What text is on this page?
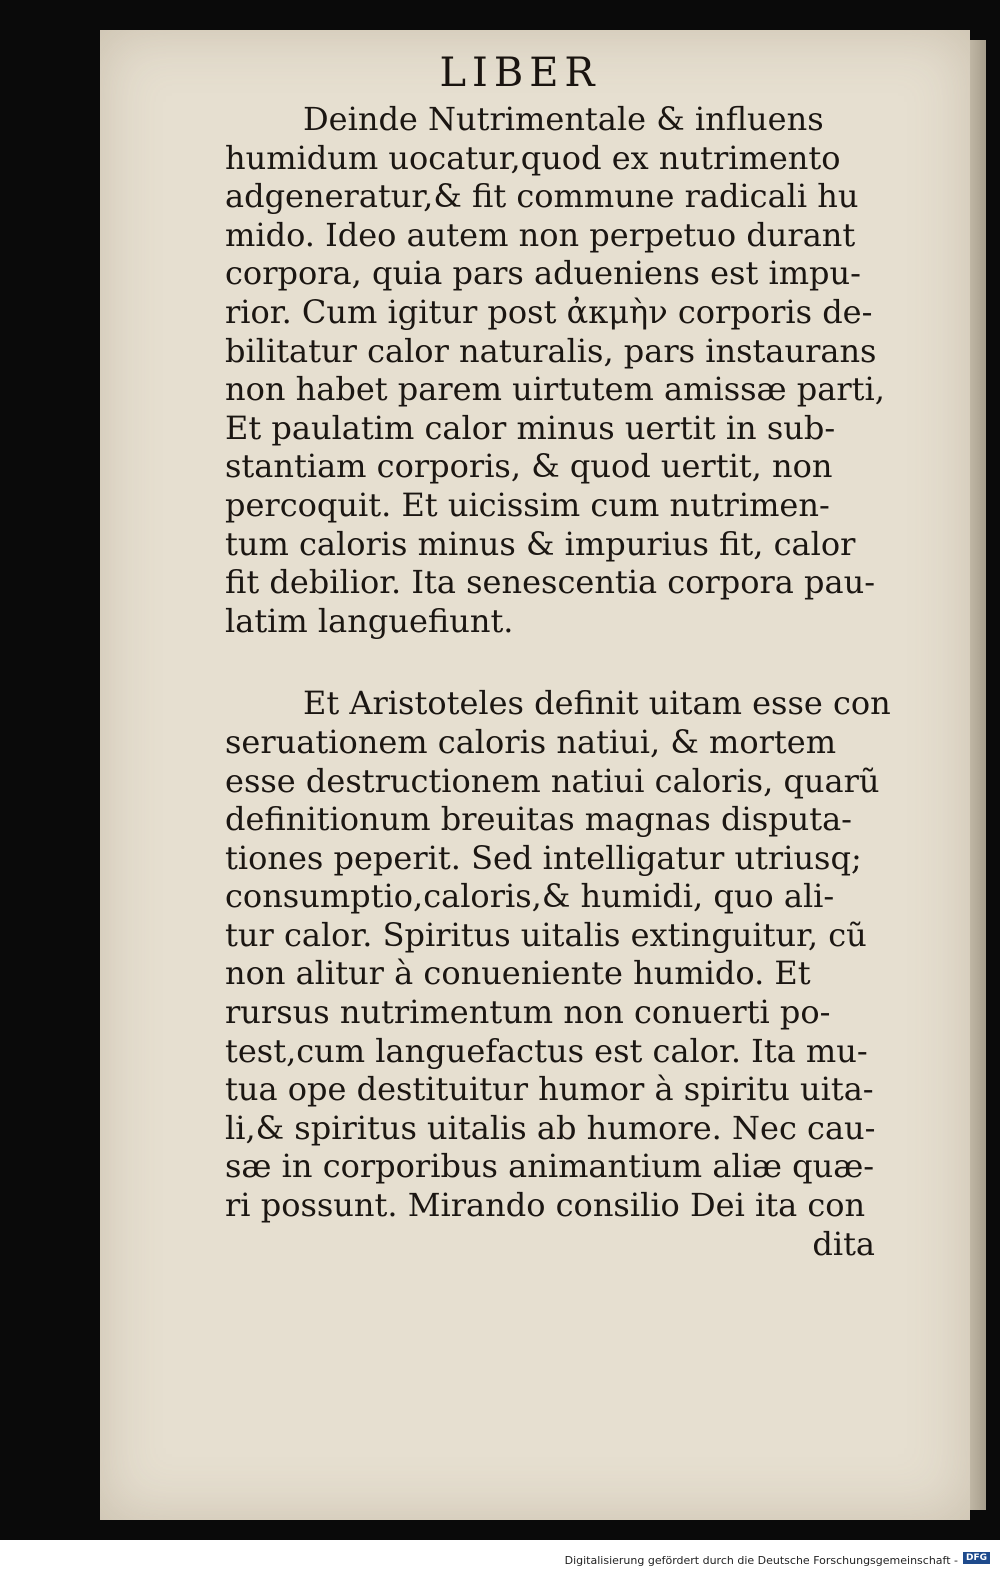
LIBER
Deinde Nutrimentale & influens
humidum uocatur,quod ex nutrimento
adgeneratur,& fit commune radicali hu
mido. Ideo autem non perpetuo durant
corpora, quia pars adueniens est impu-
rior. Cum igitur post ἀκμὴν corporis de-
bilitatur calor naturalis, pars instaurans
non habet parem uirtutem amissæ parti,
Et paulatim calor minus uertit in sub-
stantiam corporis, & quod uertit, non
percoquit. Et uicissim cum nutrimen-
tum caloris minus & impurius fit, calor
fit debilior. Ita senescentia corpora pau-
latim languefiunt.
Et Aristoteles definit uitam esse con
seruationem caloris natiui, & mortem
esse destructionem natiui caloris, quarũ
definitionum breuitas magnas disputa-
tiones peperit. Sed intelligatur utriusq;
consumptio,caloris,& humidi, quo ali-
tur calor. Spiritus uitalis extinguitur, cũ
non alitur à conueniente humido. Et
rursus nutrimentum non conuerti po-
test,cum languefactus est calor. Ita mu-
tua ope destituitur humor à spiritu uita-
li,& spiritus uitalis ab humore. Nec cau-
sæ in corporibus animantium aliæ quæ-
ri possunt. Mirando consilio Dei ita con
dita
Digitalisierung gefördert durch die Deutsche Forschungsgemeinschaft - DFG
